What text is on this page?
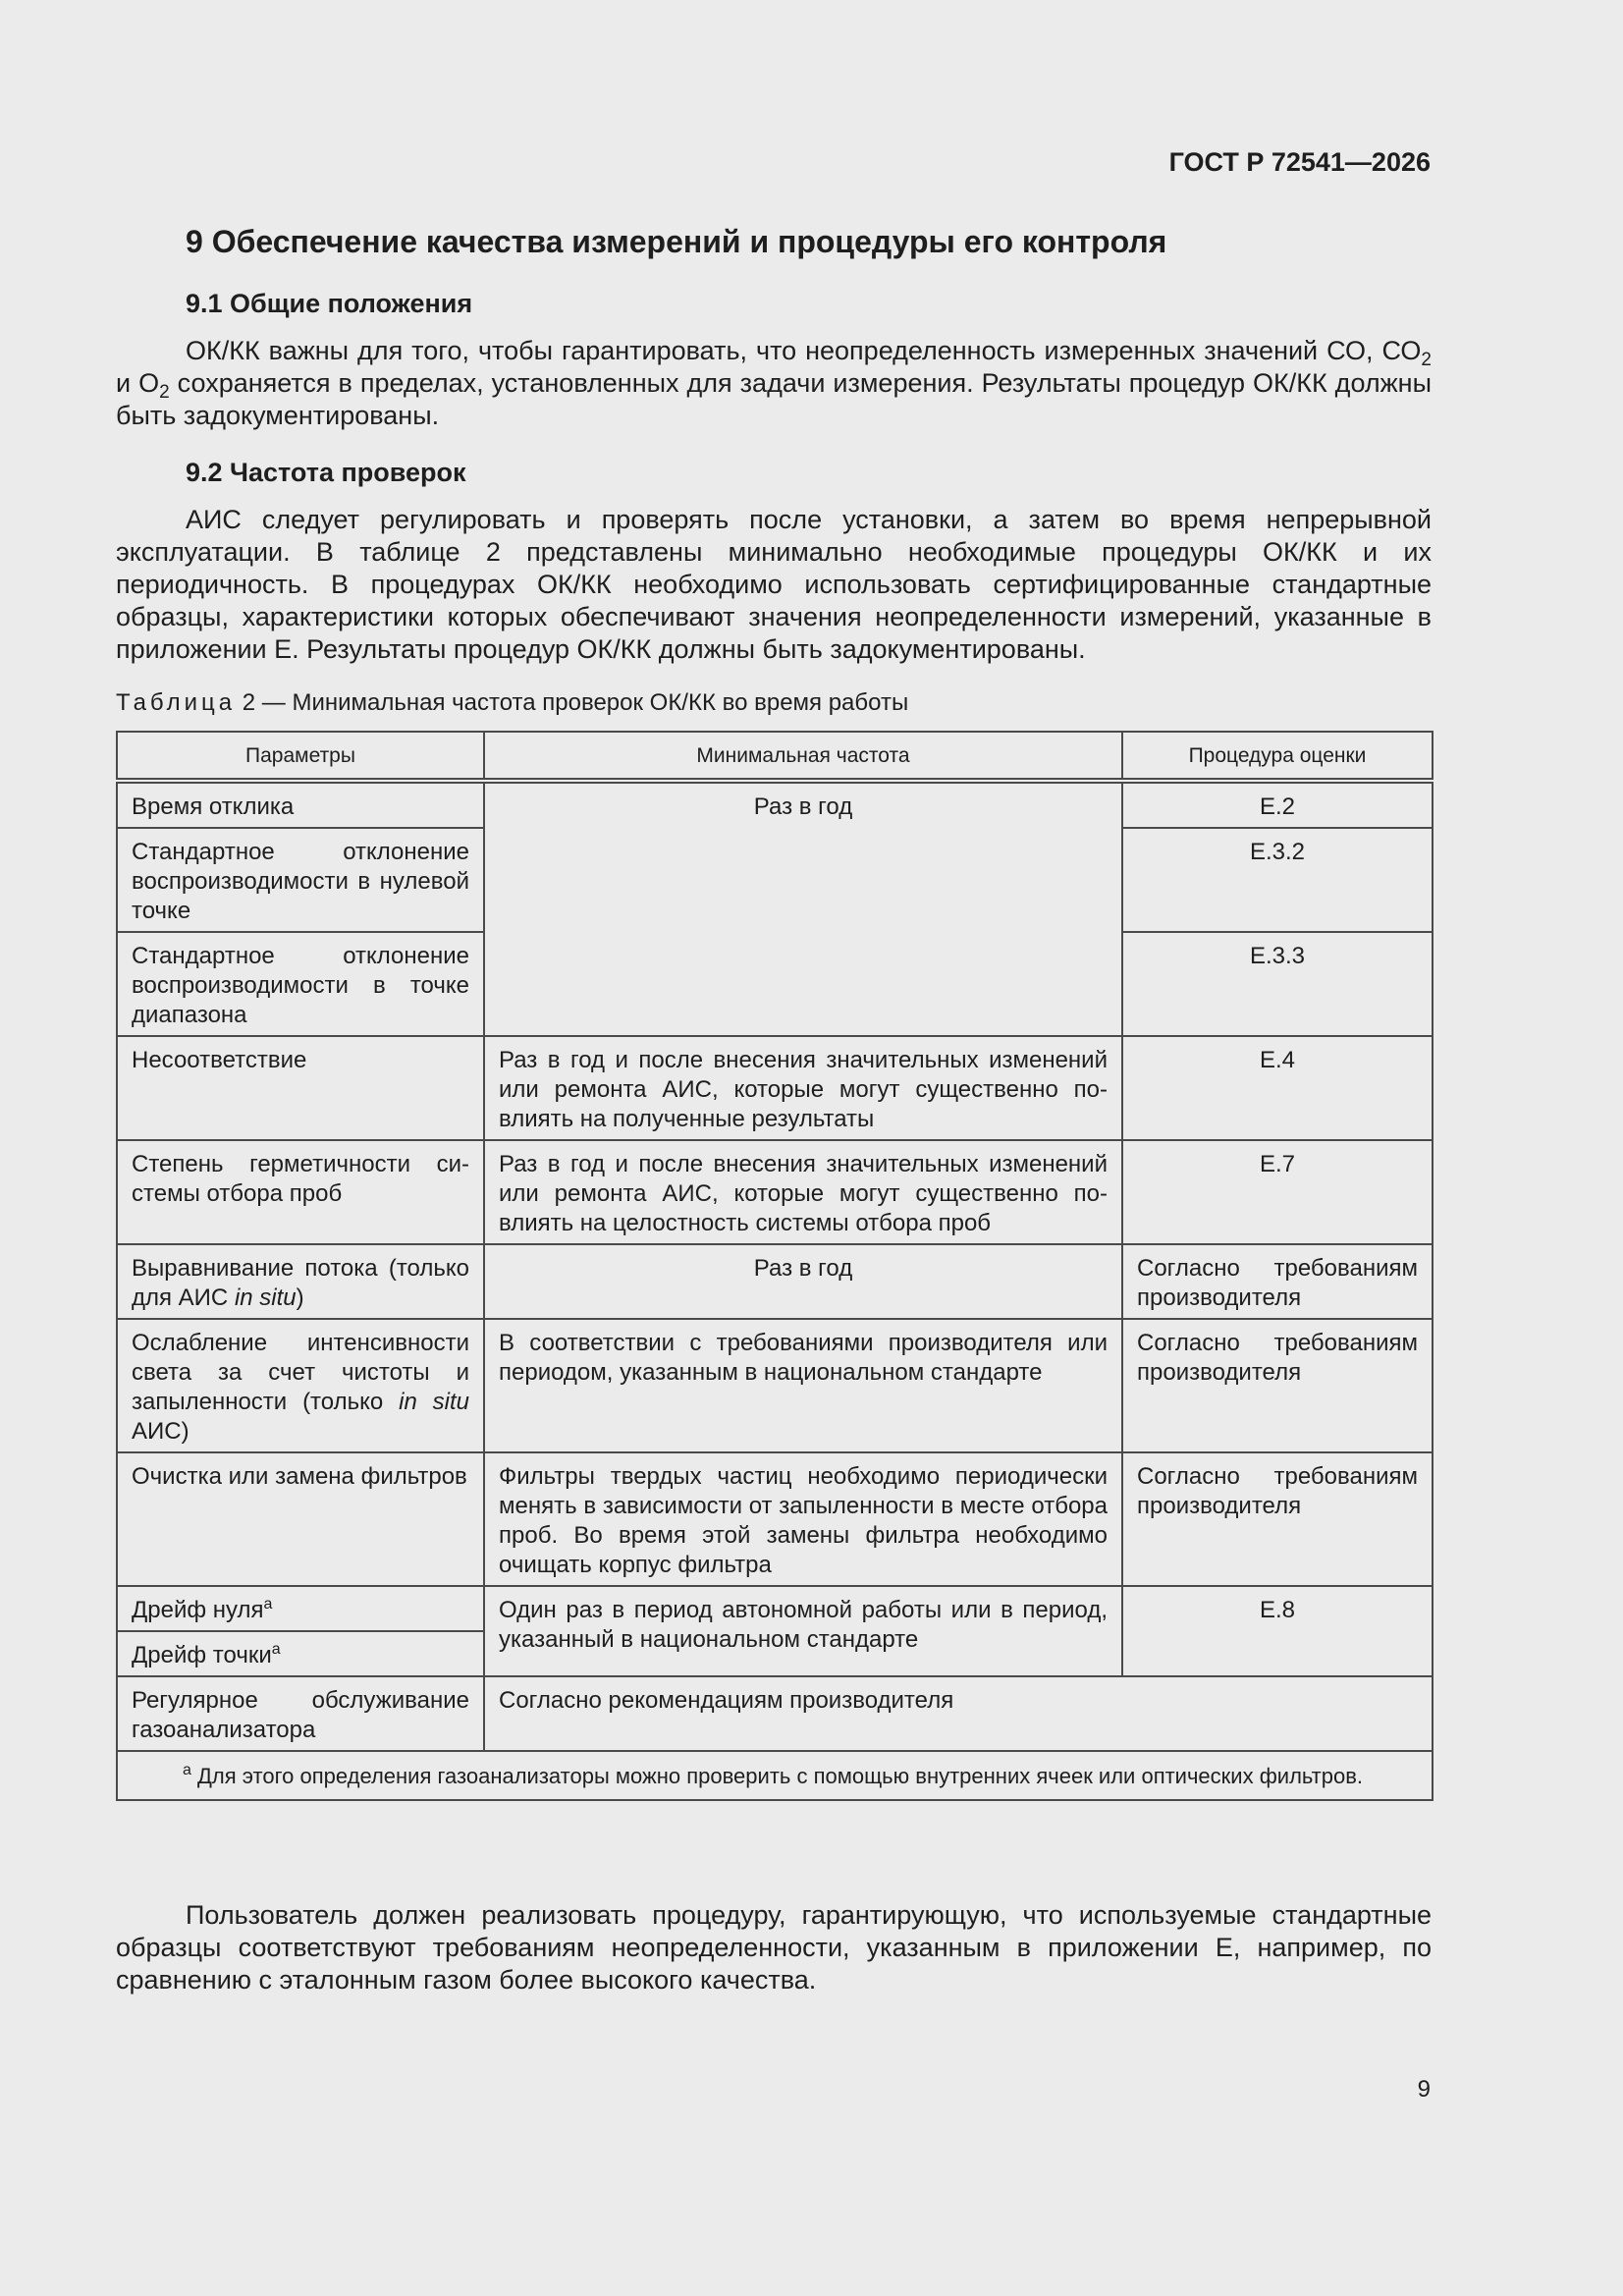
ГОСТ Р 72541—2026
9 Обеспечение качества измерений и процедуры его контроля
9.1 Общие положения
ОК/КК важны для того, чтобы гарантировать, что неопределенность измеренных значений СО, $СО_2$ и $О_2$ сохраняется в пределах, установленных для задачи измерения. Результаты процедур ОК/КК должны быть задокументированы.
9.2 Частота проверок
АИС следует регулировать и проверять после установки, а затем во время непрерывной эксплуатации. В таблице 2 представлены минимально необходимые процедуры ОК/КК и их периодичность. В процедурах ОК/КК необходимо использовать сертифицированные стандартные образцы, характеристики которых обеспечивают значения неопределенности измерений, указанные в приложении Е. Результаты процедур ОК/КК должны быть задокументированы.
Таблица 2 — Минимальная частота проверок ОК/КК во время работы
Параметры	Минимальная частота	Процедура оценки
Время отклика	Раз в год	Е.2
Стандартное отклонение воспроизводимости в нулевой точке		Е.3.2
Стандартное отклонение воспроизводимости в точке диапазона		Е.3.3
Несоответствие	Раз в год и после внесения значительных изменений или ремонта АИС, которые могут существенно повлиять на полученные результаты	Е.4
Степень герметичности системы отбора проб	Раз в год и после внесения значительных изменений или ремонта АИС, которые могут существенно повлиять на целостность системы отбора проб	Е.7
Выравнивание потока (только для АИС in situ)	Раз в год	Согласно требованиям производителя
Ослабление интенсивности света за счет чистоты и запыленности (только in situ АИС)	В соответствии с требованиями производителя или периодом, указанным в национальном стандарте	Согласно требованиям производителя
Очистка или замена фильтров	Фильтры твердых частиц необходимо периодически менять в зависимости от запыленности в месте отбора проб. Во время этой замены фильтра необходимо очищать корпус фильтра	Согласно требованиям производителя
Дрейф нуля$^а$	Один раз в период автономной работы или в период, указанный в национальном стандарте	Е.8
Дрейф точки$^а$
Регулярное обслуживание газоанализатора	Согласно рекомендациям производителя	
$^а$ Для этого определения газоанализаторы можно проверить с помощью внутренних ячеек или оптических фильтров.		
Пользователь должен реализовать процедуру, гарантирующую, что используемые стандартные образцы соответствуют требованиям неопределенности, указанным в приложении Е, например, по сравнению с эталонным газом более высокого качества.
9
